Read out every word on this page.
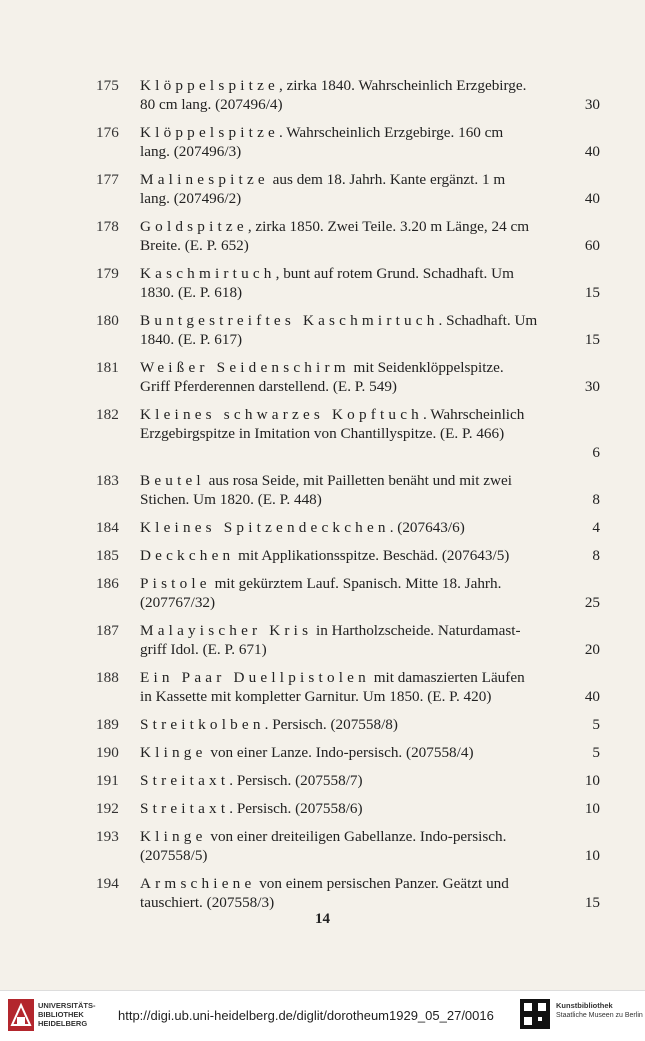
175	Klöppelspitze, zirka 1840. Wahrscheinlich Erzgebirge.
80 cm lang. (207496/4)	30
176	Klöppelspitze. Wahrscheinlich Erzgebirge. 160 cm
lang. (207496/3)	40
177	Malinespitze aus dem 18. Jahrh. Kante ergänzt. 1 m
lang. (207496/2)	40
178	Goldspitze, zirka 1850. Zwei Teile. 3.20 m Länge, 24 cm
Breite. (E. P. 652)	60
179	Kaschmirtuch, bunt auf rotem Grund. Schadhaft. Um
1830. (E. P. 618)	15
180	Buntgestreiftes Kaschmirtuch. Schadhaft. Um
1840. (E. P. 617)	15
181	Weißer Seidenschirm mit Seidenklöppelspitze.
Griff Pferderennen darstellend. (E. P. 549)	30
182	Kleines schwarzes Kopftuch. Wahrscheinlich
Erzgebirgspitze in Imitation von Chantillyspitze. (E. P. 466)
6
183	Beutel aus rosa Seide, mit Pailletten benäht und mit zwei
Stichen. Um 1820. (E. P. 448)	8
184	Kleines Spitzendeckchen. (207643/6)	4
185	Deckchen mit Applikationsspitze. Beschäd. (207643/5)	8
186	Pistole mit gekürztem Lauf. Spanisch. Mitte 18. Jahrh.
(207767/32)	25
187	Malayischer Kris in Hartholzscheide. Naturdamast-
griff Idol. (E. P. 671)	20
188	Ein Paar Duellpistolen mit damaszierten Läufen
in Kassette mit kompletter Garnitur. Um 1850. (E. P. 420)	40
189	Streitkolben. Persisch. (207558/8)	5
190	Klinge von einer Lanze. Indo-persisch. (207558/4)	5
191	Streitaxt. Persisch. (207558/7)	10
192	Streitaxt. Persisch. (207558/6)	10
193	Klinge von einer dreiteiligen Gabellanze. Indo-persisch.
(207558/5)	10
194	Armschiene von einem persischen Panzer. Geätzt und
tauschiert. (207558/3)	15
14
UNIVERSITÄTS-
BIBLIOTHEK
HEIDELBERG
http://digi.ub.uni-heidelberg.de/diglit/dorotheum1929_05_27/0016
Kunstbibliothek
Staatliche Museen zu Berlin
